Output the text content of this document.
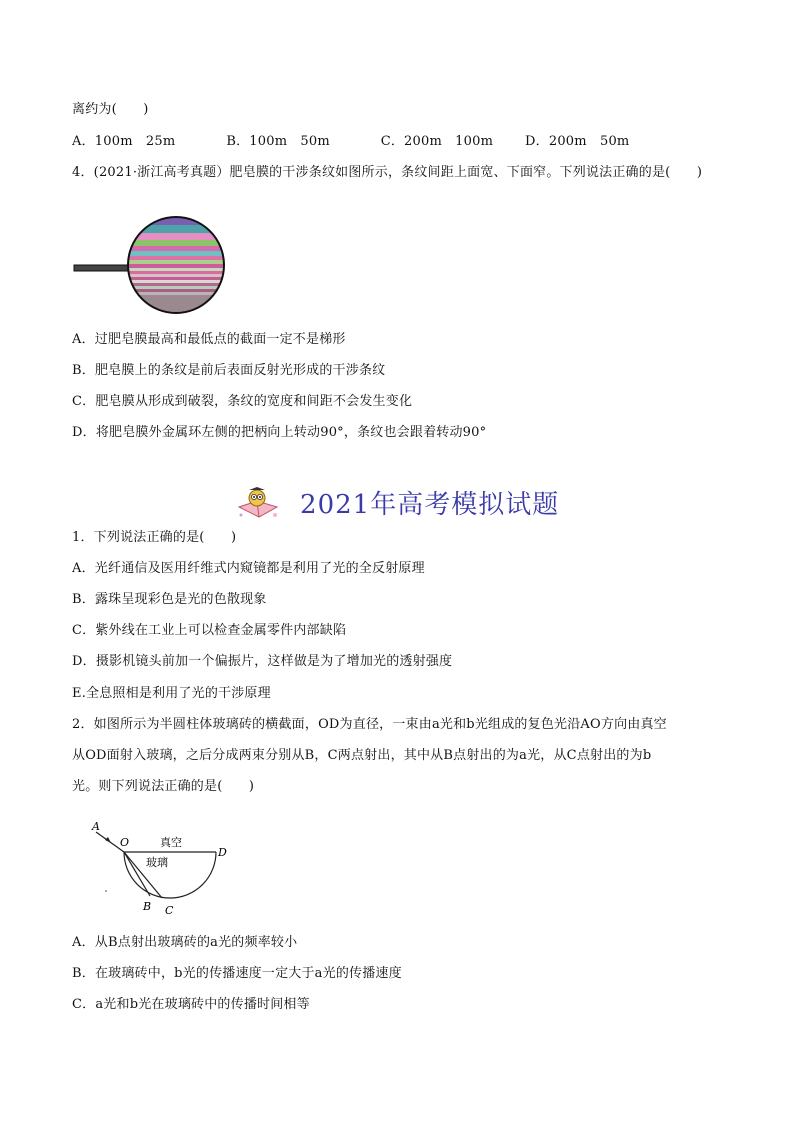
离约为(　　)
A．100m　25m	B．100m　50m	C．200m　100m D．200m　50m
4．(2021·浙江高考真题）肥皂膜的干涉条纹如图所示，条纹间距上面宽、下面窄。下列说法正确的是(　　)
A．过肥皂膜最高和最低点的截面一定不是梯形
B．肥皂膜上的条纹是前后表面反射光形成的干涉条纹
C．肥皂膜从形成到破裂，条纹的宽度和间距不会发生变化
D．将肥皂膜外金属环左侧的把柄向上转动90°，条纹也会跟着转动90°
2021年高考模拟试题
1．下列说法正确的是(　　)
A．光纤通信及医用纤维式内窥镜都是利用了光的全反射原理
B．露珠呈现彩色是光的色散现象
C．紫外线在工业上可以检查金属零件内部缺陷
D．摄影机镜头前加一个偏振片，这样做是为了增加光的透射强度
E.全息照相是利用了光的干涉原理
2．如图所示为半圆柱体玻璃砖的横截面，OD为直径，一束由a光和b光组成的复色光沿AO方向由真空
从OD面射入玻璃，之后分成两束分别从B，C两点射出，其中从B点射出的为a光，从C点射出的为b
光。则下列说法正确的是(　　)
A
O
D
B C
真空
玻璃
A．从B点射出玻璃砖的a光的频率较小
B．在玻璃砖中，b光的传播速度一定大于a光的传播速度
C．a光和b光在玻璃砖中的传播时间相等
